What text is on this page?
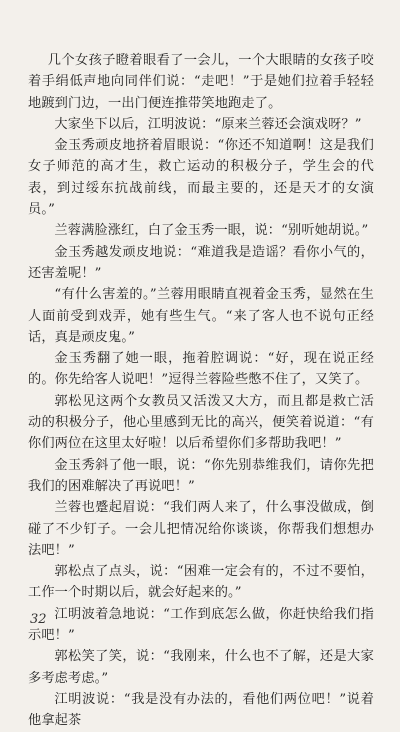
几个女孩子瞪着眼看了一会儿，一个大眼睛的女孩子咬着手绢低声地向同伴们说：“走吧！”于是她们拉着手轻轻地踱到门边，一出门便连推带笑地跑走了。

大家坐下以后，江明波说：“原来兰蓉还会演戏呀？”

金玉秀顽皮地挤着眉眼说：“你还不知道啊！这是我们女子师范的高才生，救亡运动的积极分子，学生会的代表，到过绥东抗战前线，而最主要的，还是天才的女演员。”

兰蓉满脸涨红，白了金玉秀一眼，说：“别听她胡说。”

金玉秀越发顽皮地说：“难道我是造谣？看你小气的，还害羞呢！”

“有什么害羞的。”兰蓉用眼睛直视着金玉秀，显然在生人面前受到戏弄，她有些生气。“来了客人也不说句正经话，真是顽皮鬼。”

金玉秀翻了她一眼，拖着腔调说：“好，现在说正经的。你先给客人说吧！”逗得兰蓉险些憋不住了，又笑了。

郭松见这两个女教员又活泼又大方，而且都是救亡活动的积极分子，他心里感到无比的高兴，便笑着说道：“有你们两位在这里太好啦！以后希望你们多帮助我吧！”

金玉秀斜了他一眼，说：“你先别恭维我们，请你先把我们的困难解决了再说吧！”

兰蓉也蹙起眉说：“我们两人来了，什么事没做成，倒碰了不少钉子。一会儿把情况给你谈谈，你帮我们想想办法吧！”

郭松点了点头，说：“困难一定会有的，不过不要怕，工作一个时期以后，就会好起来的。”

江明波着急地说：“工作到底怎么做，你赶快给我们指示吧！”

郭松笑了笑，说：“我刚来，什么也不了解，还是大家多考虑考虑。”

江明波说：“我是没有办法的，看他们两位吧！”说着他拿起茶

32
